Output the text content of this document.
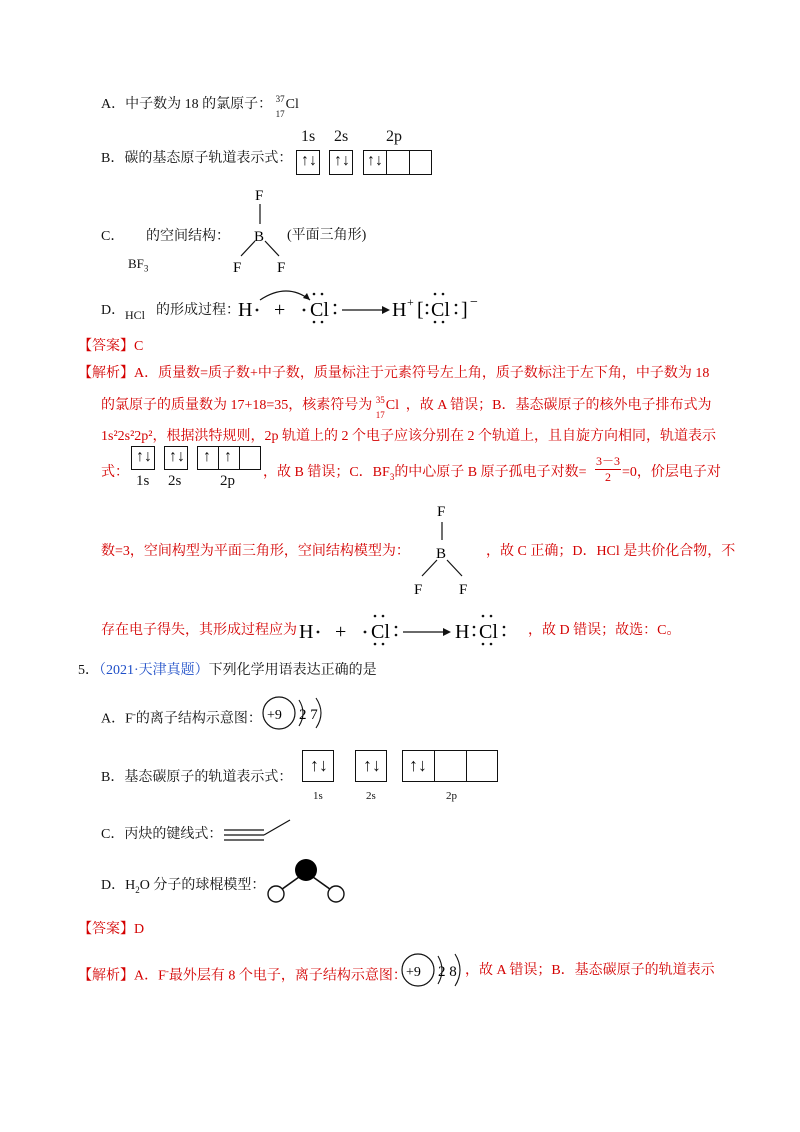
A．中子数为 18 的氯原子： 37
17
Cl
B．碳的基态原子轨道表示式：
1s 2s 2p
↑↓ ↑↓ ↑↓
C． 的空间结构：
$BF_3$
F
B
F F
(平面三角形)
D． HCl 的形成过程：
H + Cl	H + [ Cl ] −
【答案】C
【解析】A．质量数=质子数+中子数，质量标注于元素符号左上角，质子数标注于左下角，中子数为 18
的氯原子的质量数为 17+18=35，核素符号为 35
17
Cl ，故 A 错误；B．基态碳原子的核外电子排布式为
1s²2s²2p²，根据洪特规则，2p 轨道上的 2 个电子应该分别在 2 个轨道上，且自旋方向相同，轨道表示
式：
↑↓ ↑↓ ↑ ↑
1s 2s	2p
，故 B 错误；C．$BF_3$的中心原子 B 原子孤电子对数= $\frac{3-3}{2} =0$，价层电子对
数=3，空间构型为平面三角形，空间结构模型为：
F
B
F F
，故 C 正确；D．HCl 是共价化合物，不
存在电子得失，其形成过程应为 H + Cl	H Cl ，故 D 错误；故选：C。
5．（2021·天津真题）下列化学用语表达正确的是
A．F-的离子结构示意图： +9 2 7
B．基态碳原子的轨道表示式：
↑↓ ↑↓ ↑↓
1s	2s	2p
C．丙炔的键线式：
D．$H_2O$ 分子的球棍模型：
【答案】D
【解析】A．F-最外层有 8 个电子，离子结构示意图： +9 2 8 ，故 A 错误；B．基态碳原子的轨道表示
